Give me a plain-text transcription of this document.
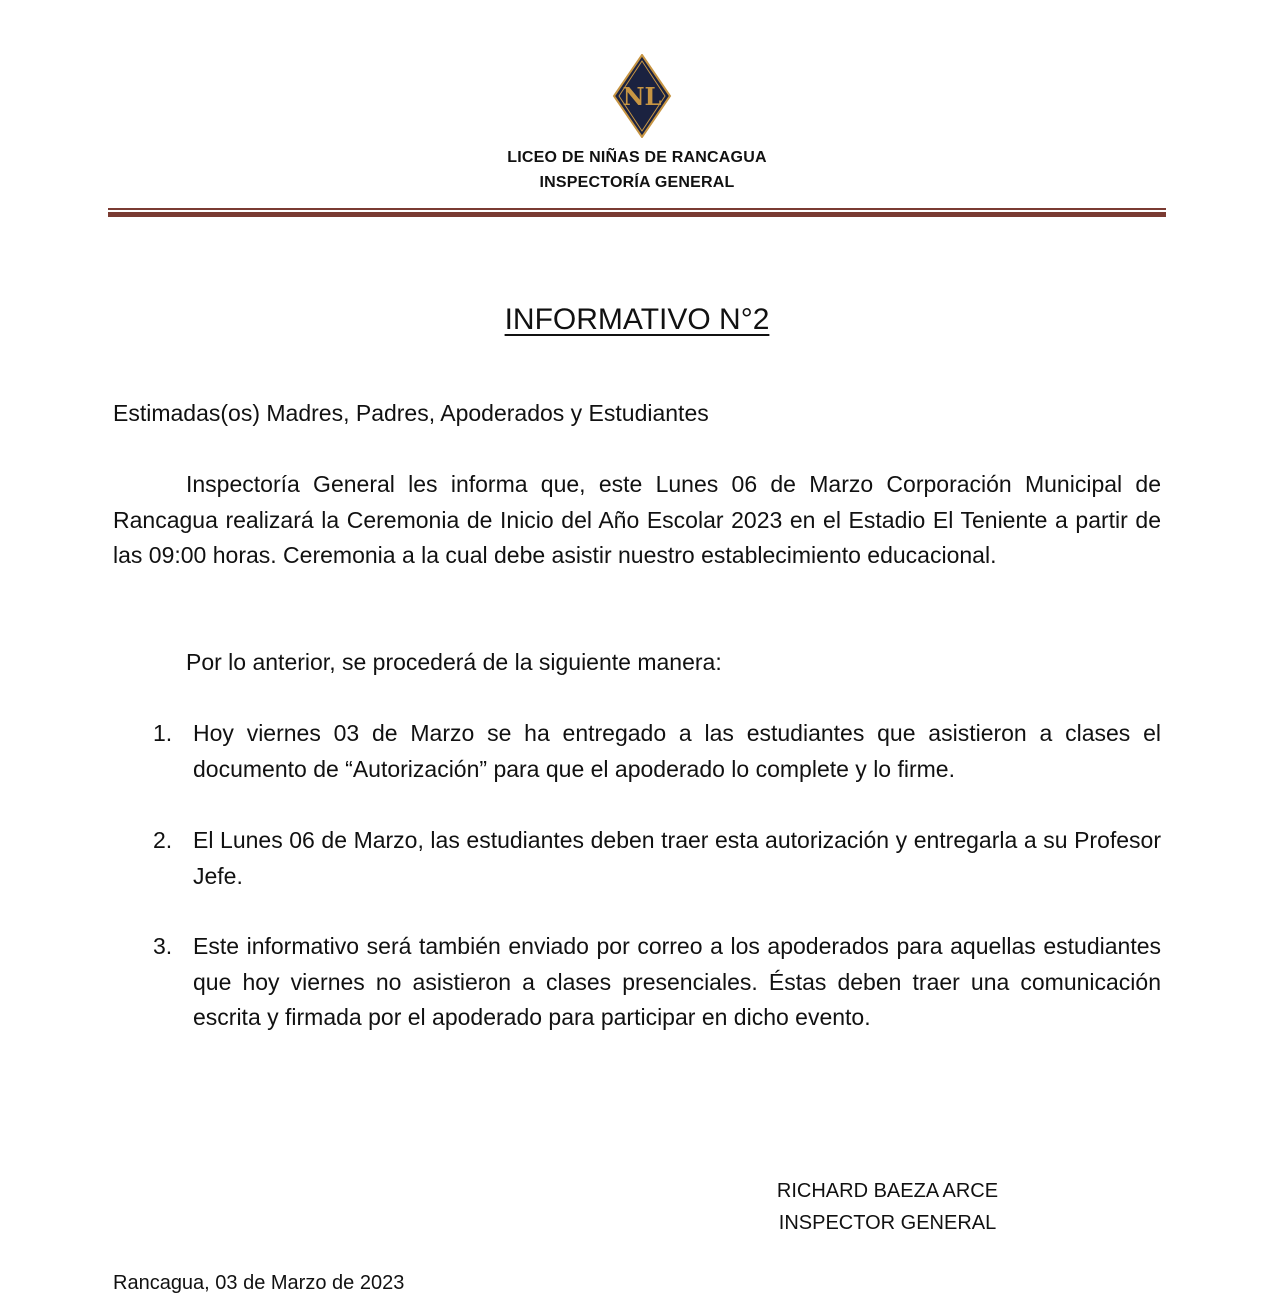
NL
LICEO DE NIÑAS DE RANCAGUA
INSPECTORÍA GENERAL
INFORMATIVO N°2

Estimadas(os) Madres, Padres, Apoderados y Estudiantes

Inspectoría General les informa que, este Lunes 06 de Marzo Corporación Municipal de Rancagua realizará la Ceremonia de Inicio del Año Escolar 2023 en el Estadio El Teniente a partir de las 09:00 horas. Ceremonia a la cual debe asistir nuestro establecimiento educacional.

Por lo anterior, se procederá de la siguiente manera:

1. Hoy viernes 03 de Marzo se ha entregado a las estudiantes que asistieron a clases el documento de “Autorización” para que el apoderado lo complete y lo firme.
2. El Lunes 06 de Marzo, las estudiantes deben traer esta autorización y entregarla a su Profesor Jefe.
3. Este informativo será también enviado por correo a los apoderados para aquellas estudiantes que hoy viernes no asistieron a clases presenciales. Éstas deben traer una comunicación escrita y firmada por el apoderado para participar en dicho evento.
RICHARD BAEZA ARCE
INSPECTOR GENERAL
Rancagua, 03 de Marzo de 2023
